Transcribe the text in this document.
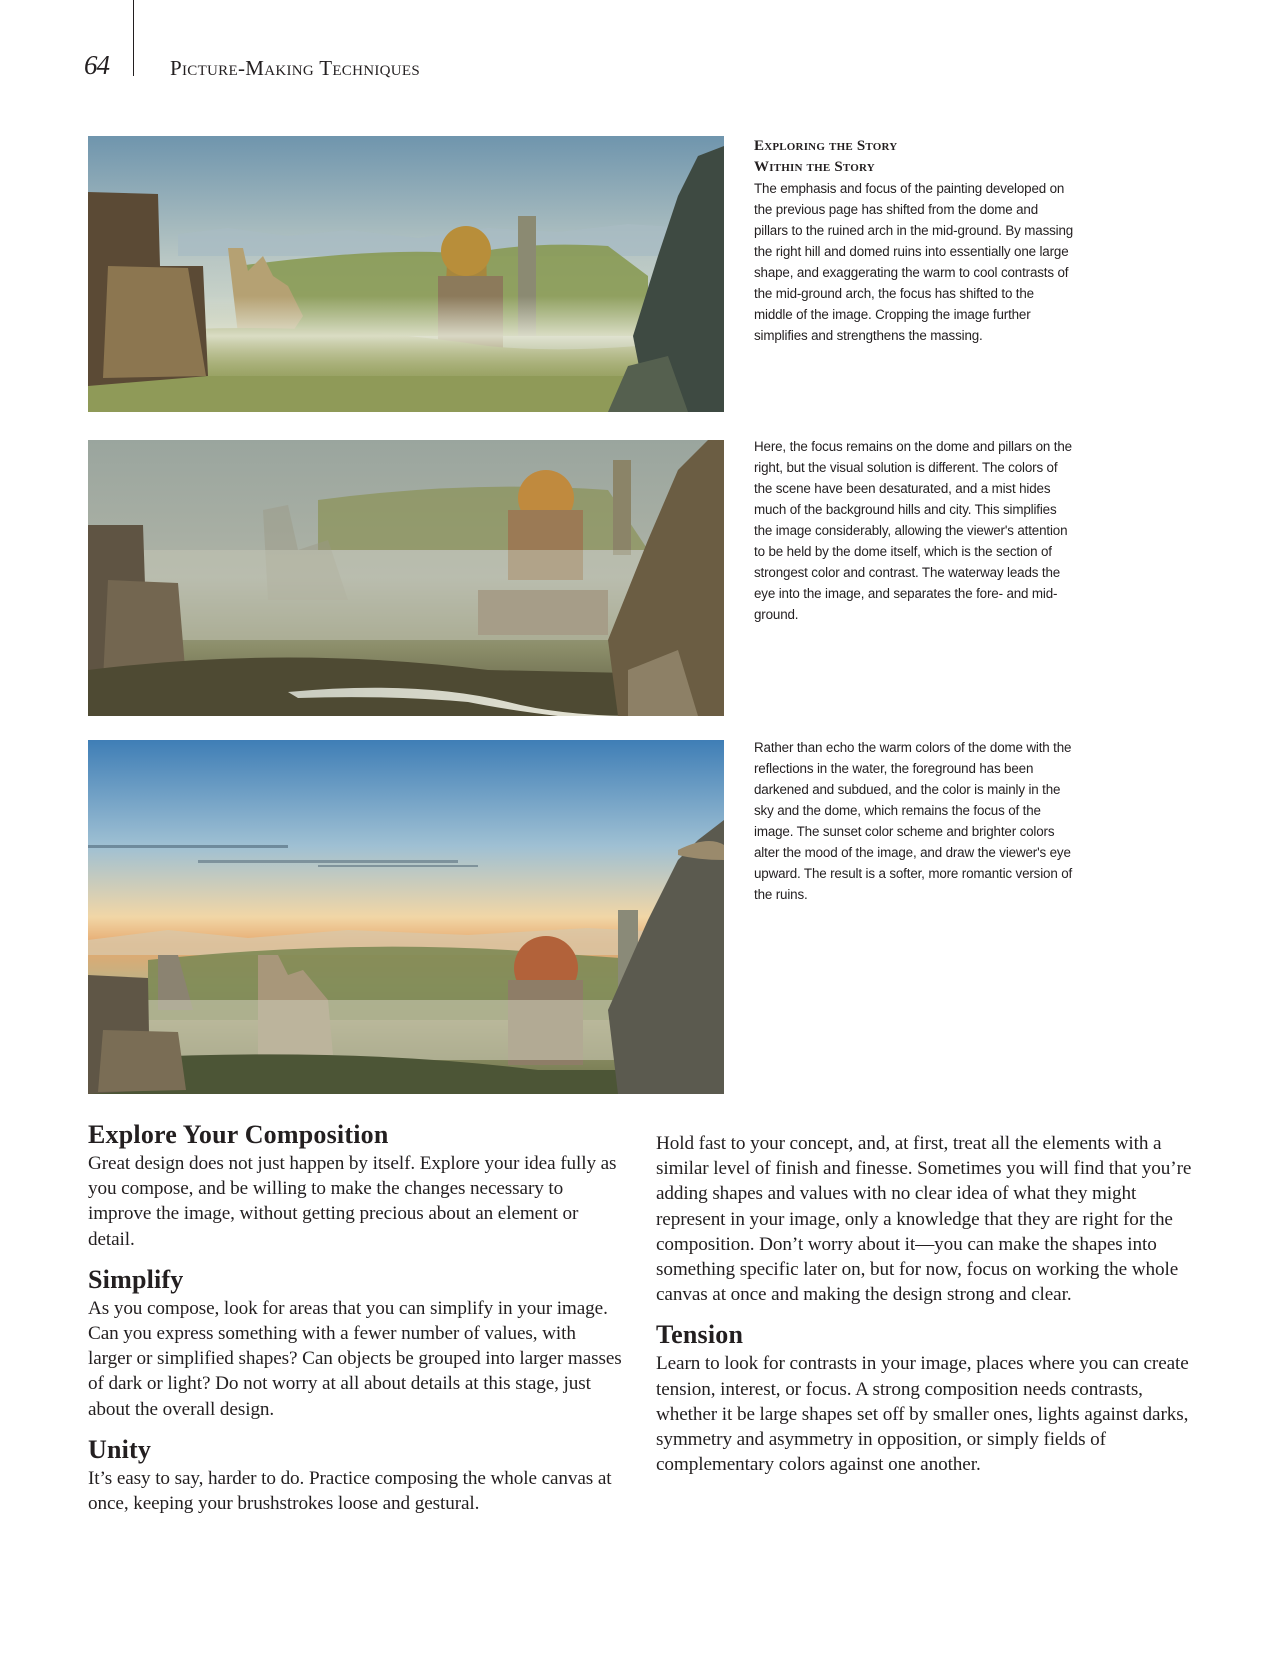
64	Picture-Making Techniques
Exploring the Story
Within the Story
The emphasis and focus of the painting developed on the previous page has shifted from the dome and pillars to the ruined arch in the mid-ground. By massing the right hill and domed ruins into essentially one large shape, and exaggerating the warm to cool contrasts of the mid-ground arch, the focus has shifted to the middle of the image. Cropping the image further simplifies and strengthens the massing.
Here, the focus remains on the dome and pillars on the right, but the visual solution is different. The colors of the scene have been desaturated, and a mist hides much of the background hills and city. This simplifies the image considerably, allowing the viewer's attention to be held by the dome itself, which is the section of strongest color and contrast. The waterway leads the eye into the image, and separates the fore- and mid-ground.
Rather than echo the warm colors of the dome with the reflections in the water, the foreground has been darkened and subdued, and the color is mainly in the sky and the dome, which remains the focus of the image. The sunset color scheme and brighter colors alter the mood of the image, and draw the viewer's eye upward. The result is a softer, more romantic version of the ruins.
Explore Your Composition

Great design does not just happen by itself. Explore your idea fully as you compose, and be willing to make the changes necessary to improve the image, without getting precious about an element or detail.

Simplify

As you compose, look for areas that you can simplify in your image. Can you express something with a fewer number of values, with larger or simplified shapes? Can objects be grouped into larger masses of dark or light? Do not worry at all about details at this stage, just about the overall design.

Unity

It’s easy to say, harder to do. Practice composing the whole canvas at once, keeping your brushstrokes loose and gestural.

Hold fast to your concept, and, at first, treat all the elements with a similar level of finish and finesse. Sometimes you will find that you’re adding shapes and values with no clear idea of what they might represent in your image, only a knowledge that they are right for the composition. Don’t worry about it—you can make the shapes into something specific later on, but for now, focus on working the whole canvas at once and making the design strong and clear.

Tension

Learn to look for contrasts in your image, places where you can create tension, interest, or focus. A strong composition needs contrasts, whether it be large shapes set off by smaller ones, lights against darks, symmetry and asymmetry in opposition, or simply fields of complementary colors against one another.
